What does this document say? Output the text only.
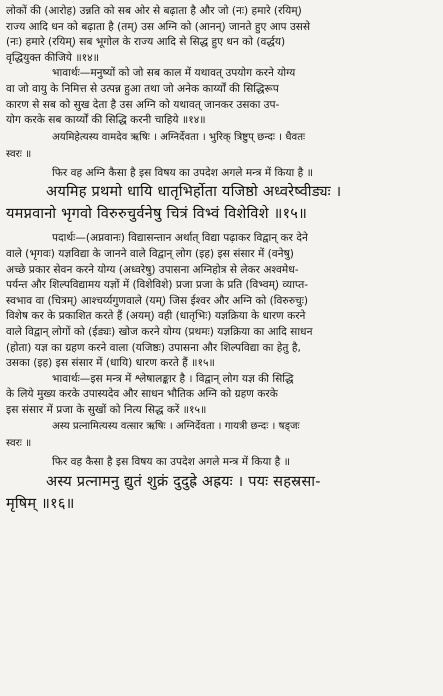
लोकों की (आरोह) उन्नति को सब ओर से बढ़ाता है और जो (नः) हमारे (रयिम्)
राज्य आदि धन को बढ़ाता है (तम्) उस अग्नि को (आनन्) जानते हुए आप उससे
(नः) हमारे (रयिम्) सब भूगोल के राज्य आदि से सिद्ध हुए धन को (वर्द्धय)
वृद्धियुक्त कीजिये ॥१४॥
भावार्थः—मनुष्यों को जो सब काल में यथावत् उपयोग करने योग्य
वा जो वायु के निमित्त से उत्पन्न हुआ तथा जो अनेक कार्य्यों की सिद्धिरूप
कारण से सब को सुख देता है उस अग्नि को यथावत् जानकर उसका उप-
योग करके सब कार्य्यों की सिद्धि करनी चाहिये ॥१४॥
अयमिहेत्यस्य वामदेव ऋषिः । अग्निर्देवता । भुरिक् त्रिष्टुप् छन्दः । धैवतः
स्वरः ॥
फिर वह अग्नि कैसा है इस विषय का उपदेश अगले मन्त्र में किया है ॥
अयमिह प्रथमो धायि धातृभिर्होता यजिष्ठो अध्वरेष्वीड्यः ।
यमप्नवानो भृगवो विरुरुचुर्वनेषु चित्रं विभ्वं विशेविशे ॥१५॥
पदार्थः—(अप्नवानः) विद्यासन्तान अर्थात् विद्या पढ़ाकर विद्वान् कर देने
वाले (भृगवः) यज्ञविद्या के जानने वाले विद्वान् लोग (इह) इस संसार में (वनेषु)
अच्छे प्रकार सेवन करने योग्य (अध्वरेषु) उपासना अग्निहोत्र से लेकर अश्वमेध-
पर्यन्त और शिल्पविद्यामय यज्ञों में (विशेविशे) प्रजा प्रजा के प्रति (विभ्वम्) व्याप्त-
स्वभाव वा (चित्रम्) आश्चर्य्यगुणवाले (यम्) जिस ईश्वर और अग्नि को (विरुरुचुः)
विशेष कर के प्रकाशित करते हैं (अयम्) वही (धातृभिः) यज्ञक्रिया के धारण करने
वाले विद्वान् लोगों को (ईड्यः) खोज करने योग्य (प्रथमः) यज्ञक्रिया का आदि साधन
(होता) यज्ञ का ग्रहण करने वाला (यजिष्ठः) उपासना और शिल्पविद्या का हेतु है,
उसका (इह) इस संसार में (धायि) धारण करते हैं ॥१५॥
भावार्थः—इस मन्त्र में श्लेषालङ्कार है । विद्वान् लोग यज्ञ की सिद्धि
के लिये मुख्य करके उपास्यदेव और साधन भौतिक अग्नि को ग्रहण करके
इस संसार में प्रजा के सुखों को नित्य सिद्ध करें ॥१५॥
अस्य प्रत्नामित्यस्य वत्सार ऋषिः । अग्निर्देवता । गायत्री छन्दः । षड्जः
स्वरः ॥
फिर वह कैसा है इस विषय का उपदेश अगले मन्त्र में किया है ॥
अस्य प्रत्नामनु द्युतं शुक्रं दुदुह्रे अह्रयः । पयः सहस्रसा-
मृषिम् ॥१६॥
